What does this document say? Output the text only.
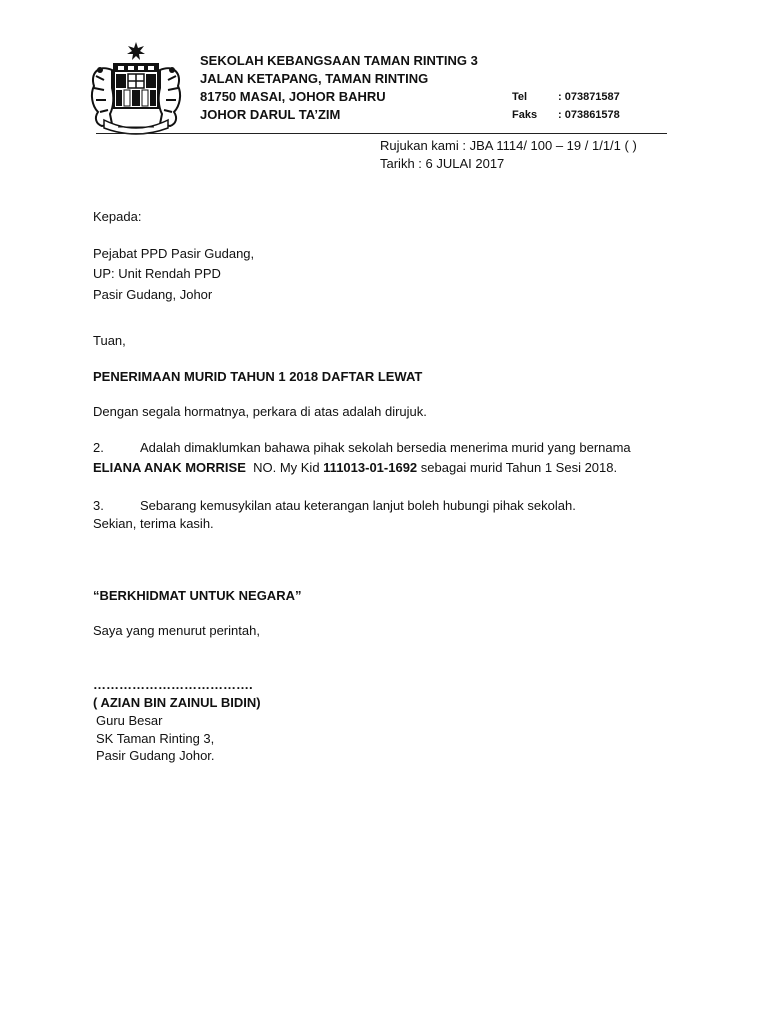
SEKOLAH KEBANGSAAN TAMAN RINTING 3
JALAN KETAPANG, TAMAN RINTING
81750 MASAI, JOHOR BAHRU
JOHOR DARUL TA’ZIM
Tel	: 073871587
Faks : 073861578
Rujukan kami : JBA 1114/ 100 – 19 / 1/1/1 ( )
Tarikh : 6 JULAI 2017
Kepada:
Pejabat PPD Pasir Gudang,
UP: Unit Rendah PPD
Pasir Gudang, Johor
Tuan,
PENERIMAAN MURID TAHUN 1 2018 DAFTAR LEWAT
Dengan segala hormatnya, perkara di atas adalah dirujuk.
2.	Adalah dimaklumkan bahawa pihak sekolah bersedia menerima murid yang bernama
ELIANA ANAK MORRISE  NO. My Kid 111013-01-1692 sebagai murid Tahun 1 Sesi 2018.
3.	Sebarang kemusykilan atau keterangan lanjut boleh hubungi pihak sekolah.
Sekian, terima kasih.
“BERKHIDMAT UNTUK NEGARA”
Saya yang menurut perintah,
……………………………….
( AZIAN BIN ZAINUL BIDIN)
Guru Besar
SK Taman Rinting 3,
Pasir Gudang Johor.
